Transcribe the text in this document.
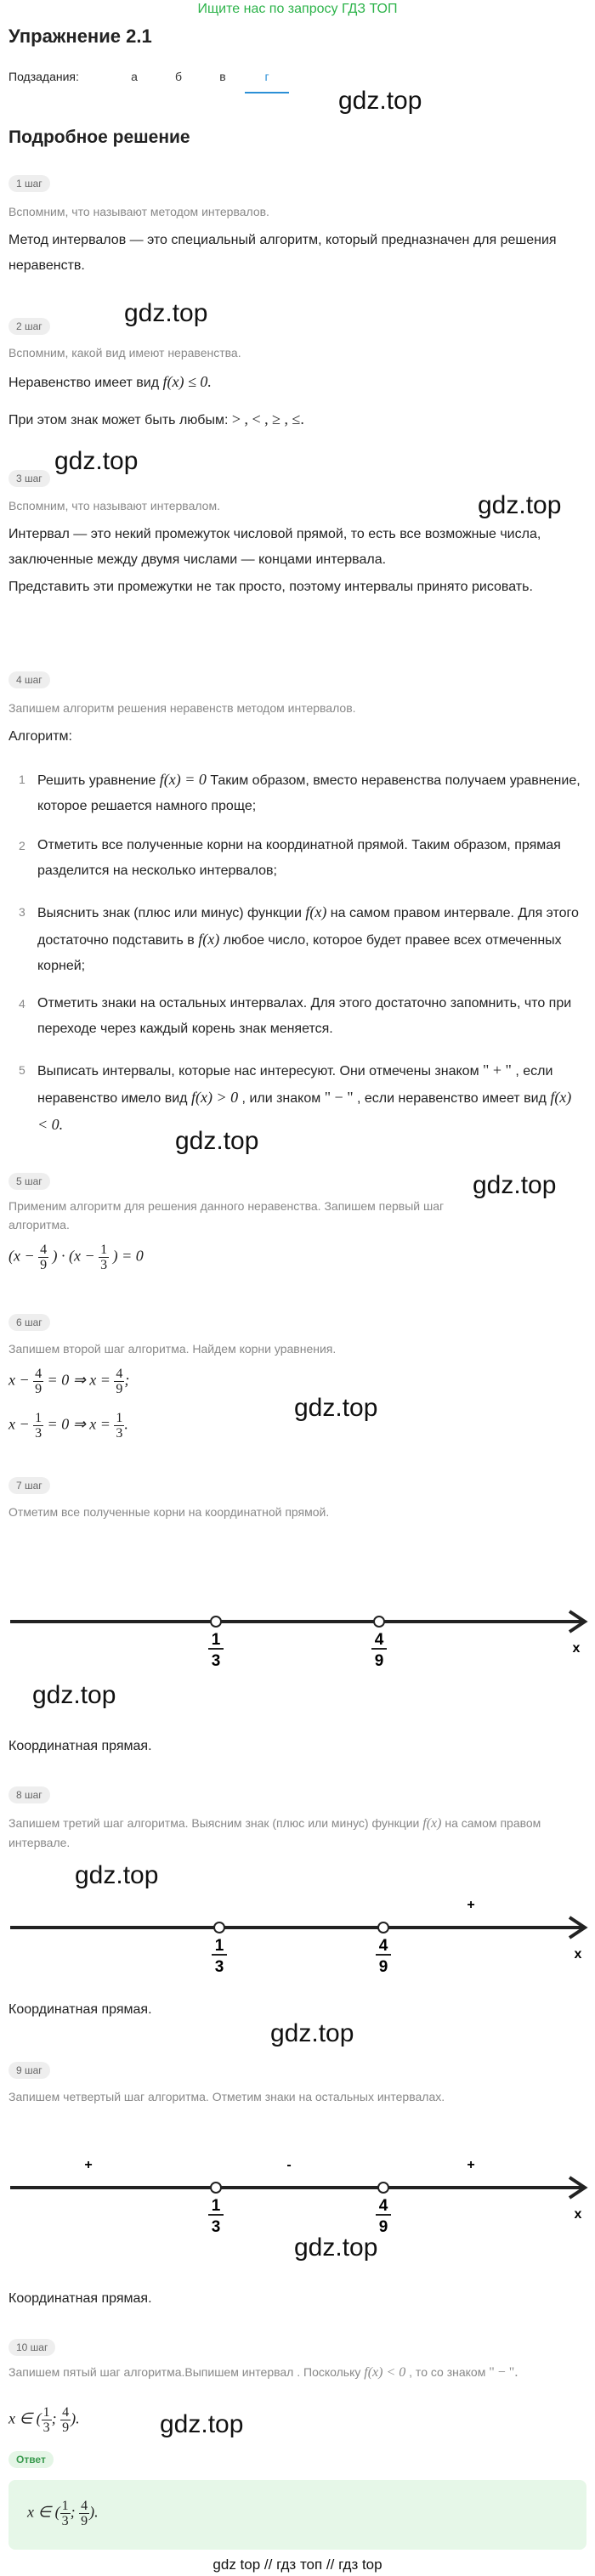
Ищите нас по запросу ГДЗ ТОП
Упражнение 2.1
Подзадания:	а	б	в	г
gdz.top
Подробное решение
1 шаг
Вспомним, что называют методом интервалов.
Метод интервалов — это специальный алгоритм, который предназначен для решения неравенств.
2 шаг	gdz.top
Вспомним, какой вид имеют неравенства.
Неравенство имеет вид f(x) ≤ 0.
При этом знак может быть любым: > , < , ≥ , ≤.
gdz.top
gdz.top
3 шаг
Вспомним, что называют интервалом.
Интервал — это некий промежуток числовой прямой, то есть все возможные числа, заключенные между двумя числами — концами интервала.
Представить эти промежутки не так просто, поэтому интервалы принято рисовать.
4 шаг
Запишем алгоритм решения неравенств методом интервалов.
Алгоритм:
1 Решить уравнение f(x) = 0 Таким образом, вместо неравенства получаем уравнение, которое решается намного проще;
2 Отметить все полученные корни на координатной прямой. Таким образом, прямая разделится на несколько интервалов;
3 Выяснить знак (плюс или минус) функции f(x) на самом правом интервале. Для этого достаточно подставить в f(x) любое число, которое будет правее всех отмеченных корней;
4 Отметить знаки на остальных интервалах. Для этого достаточно запомнить, что при переходе через каждый корень знак меняется.
5 Выписать интервалы, которые нас интересуют. Они отмечены знаком " + " , если неравенство имело вид f(x) > 0 , или знаком " − " , если неравенство имеет вид f(x) < 0.
gdz.top
gdz.top
5 шаг
Применим алгоритм для решения данного неравенства. Запишем первый шаг алгоритма.
($x - \frac{4}{9}$ ) · ($x - \frac{1}{3}$ ) = 0
6 шаг
Запишем второй шаг алгоритма. Найдем корни уравнения.
gdz.top
$x - \frac{4}{9} = 0$ ⇒ $x = \frac{4}{9}$ ;
$x - \frac{1}{3} = 0$ ⇒ $x = \frac{1}{3}$ .
7 шаг
Отметим все полученные корни на координатной прямой.
1
3
4
9
x
gdz.top
Координатная прямая.
8 шаг
Запишем третий шаг алгоритма. Выясним знак (плюс или минус) функции f(x) на самом правом интервале.
gdz.top
+
1
3
4
9
x
Координатная прямая.
gdz.top
9 шаг
Запишем четвертый шаг алгоритма. Отметим знаки на остальных интервалах.
+	-	+
1
3
4
9
x
gdz.top
Координатная прямая.
10 шаг
Запишем пятый шаг алгоритма.Выпишем интервал . Поскольку f(x) < 0 , то со знаком " − ".
x ∈ ( $\frac{1}{3}$ ; $\frac{4}{9}$ ).	gdz.top
Ответ
x ∈ ( $\frac{1}{3}$ ; $\frac{4}{9}$ ).
gdz top // гдз топ // гдз top
